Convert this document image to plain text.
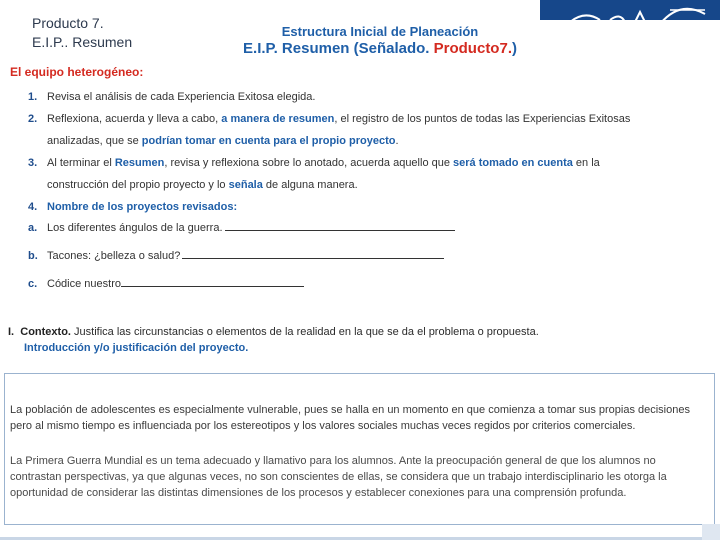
Producto 7.
E.I.P.. Resumen
Estructura Inicial de Planeación
E.I.P. Resumen (Señalado. Producto7.)
El equipo heterogéneo:
1. Revisa el análisis de cada Experiencia Exitosa elegida.
2. Reflexiona, acuerda y lleva a cabo, a manera de resumen, el registro de los puntos de todas las Experiencias Exitosas
analizadas, que se podrían tomar en cuenta para el propio proyecto.
3. Al terminar el Resumen, revisa y reflexiona sobre lo anotado, acuerda aquello que será tomado en cuenta en la
construcción del propio proyecto y lo señala de alguna manera.
4. Nombre de los proyectos revisados:
a. Los diferentes ángulos de la guerra.
b. Tacones: ¿belleza o salud?
c. Códice nuestro
I. Contexto. Justifica las circunstancias o elementos de la realidad en la que se da el problema o propuesta.
Introducción y/o justificación del proyecto.
La población de adolescentes es especialmente vulnerable, pues se halla en un momento en que comienza a tomar sus propias decisiones pero al mismo tiempo es influenciada por los estereotipos y los valores sociales muchas veces regidos por criterios comerciales.
La Primera Guerra Mundial es un tema adecuado y llamativo para los alumnos. Ante la preocupación general de que los alumnos no contrastan perspectivas, ya que algunas veces, no son conscientes de ellas, se considera que un trabajo interdisciplinario les otorga la oportunidad de considerar las distintas dimensiones de los procesos y establecer conexiones para una comprensión profunda.
